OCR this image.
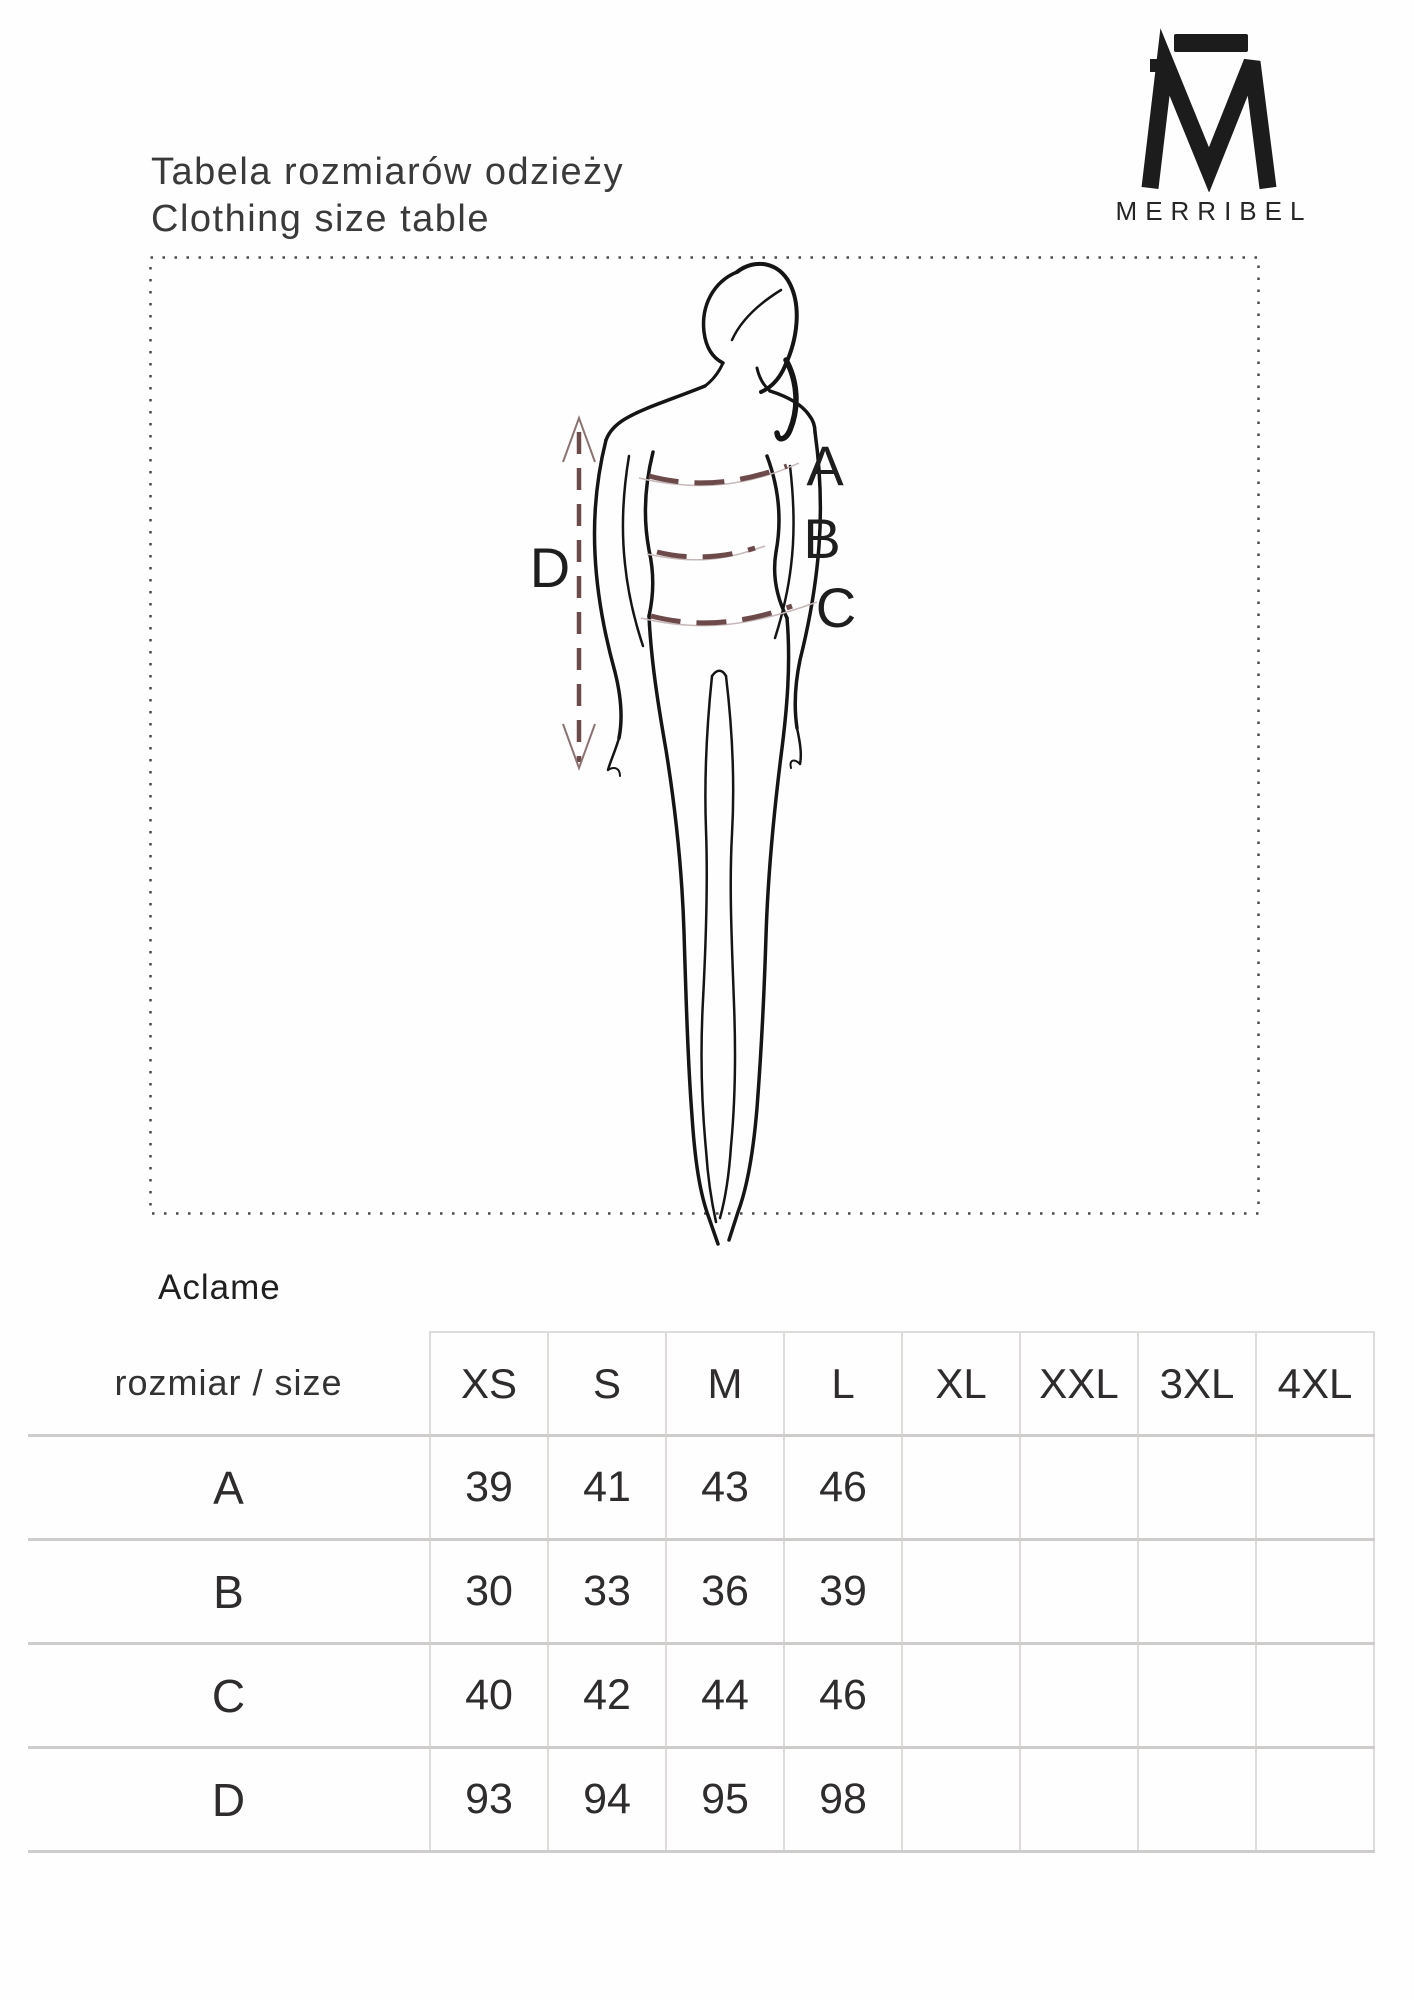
Tabela rozmiarów odzieży
Clothing size table	MERRIBEL
A
B
C
D
Aclame
rozmiar / size	XS	S	M	L	XL	XXL	3XL	4XL
A	39	41	43	46				
B	30	33	36	39				
C	40	42	44	46				
D	93	94	95	98				
